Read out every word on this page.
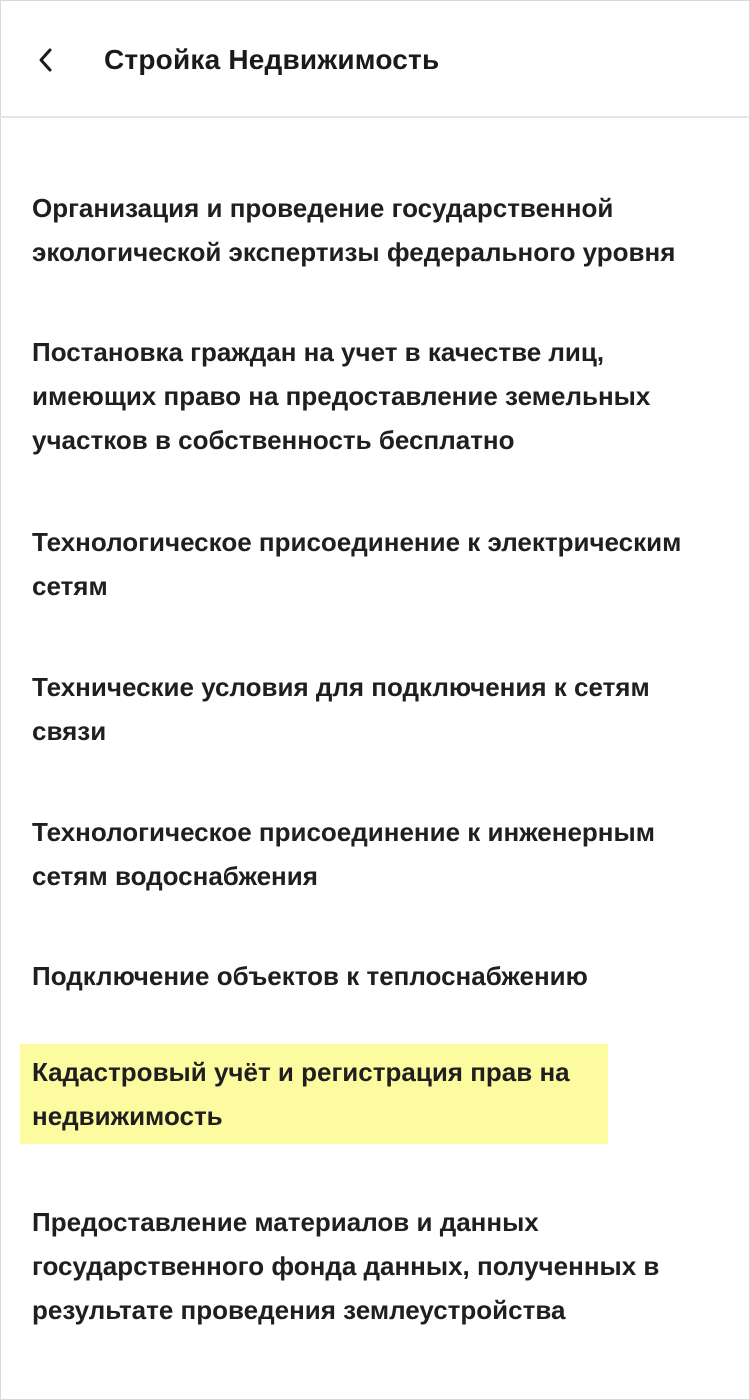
Стройка Недвижимость
Организация и проведение государственной экологической экспертизы федерального уровня
Постановка граждан на учет в качестве лиц, имеющих право на предоставление земельных участков в собственность бесплатно
Технологическое присоединение к электрическим сетям
Технические условия для подключения к сетям связи
Технологическое присоединение к инженерным сетям водоснабжения
Подключение объектов к теплоснабжению
Кадастровый учёт и регистрация прав на недвижимость
Предоставление материалов и данных государственного фонда данных, полученных в результате проведения землеустройства
